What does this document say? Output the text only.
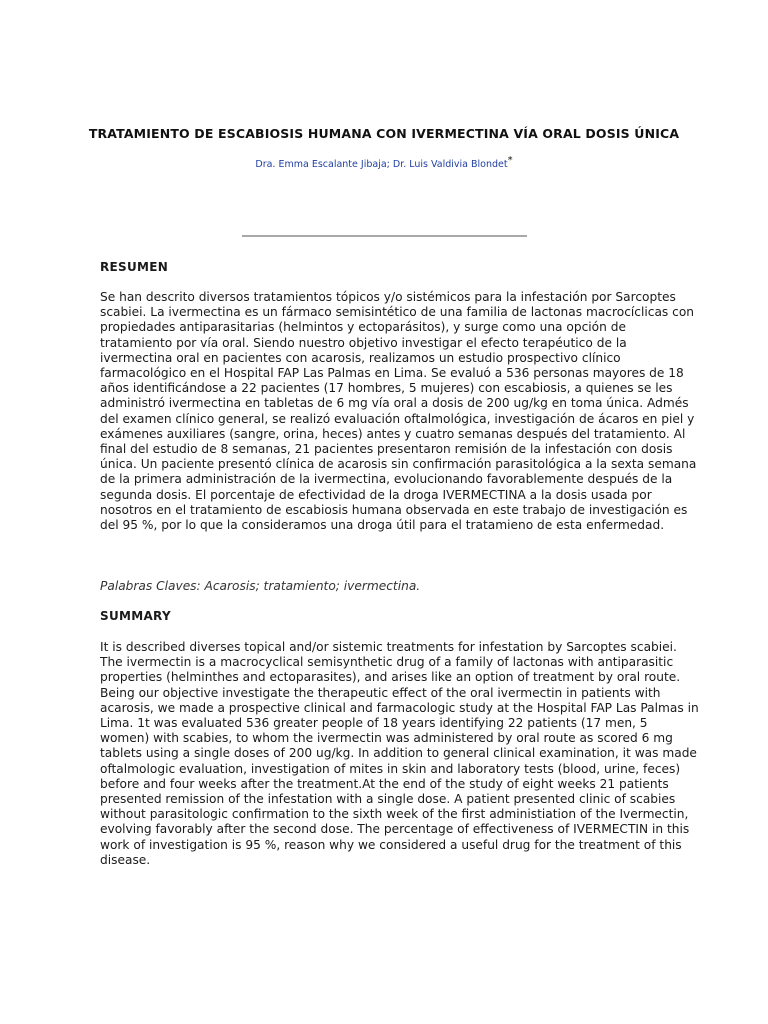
TRATAMIENTO DE ESCABIOSIS HUMANA CON IVERMECTINA VÍA ORAL DOSIS ÚNICA

Dra. Emma Escalante Jibaja; Dr. Luis Valdivia Blondet*

RESUMEN

Se han descrito diversos tratamientos tópicos y/o sistémicos para la infestación por Sarcoptes scabiei. La ivermectina es un fármaco semisintético de una familia de lactonas macrocíclicas con propiedades antiparasitarias (helmintos y ectoparásitos), y surge como una opción de tratamiento por vía oral. Siendo nuestro objetivo investigar el efecto terapéutico de la ivermectina oral en pacientes con acarosis, realizamos un estudio prospectivo clínico farmacológico en el Hospital FAP Las Palmas en Lima. Se evaluó a 536 personas mayores de 18 años identificándose a 22 pacientes (17 hombres, 5 mujeres) con escabiosis, a quienes se les administró ivermectina en tabletas de 6 mg vía oral a dosis de 200 ug/kg en toma única. Admés del examen clínico general, se realizó evaluación oftalmológica, investigación de ácaros en piel y exámenes auxiliares (sangre, orina, heces) antes y cuatro semanas después del tratamiento. Al final del estudio de 8 semanas, 21 pacientes presentaron remisión de la infestación con dosis única. Un paciente presentó clínica de acarosis sin confirmación parasitológica a la sexta semana de la primera administración de la ivermectina, evolucionando favorablemente después de la segunda dosis. El porcentaje de efectividad de la droga IVERMECTINA a la dosis usada por nosotros en el tratamiento de escabiosis humana observada en este trabajo de investigación es del 95 %, por lo que la consideramos una droga útil para el tratamieno de esta enfermedad.

Palabras Claves: Acarosis; tratamiento; ivermectina.

SUMMARY

It is described diverses topical and/or sistemic treatments for infestation by Sarcoptes scabiei. The ivermectin is a macrocyclical semisynthetic drug of a family of lactonas with antiparasitic properties (helminthes and ectoparasites), and arises like an option of treatment by oral route. Being our objective investigate the therapeutic effect of the oral ivermectin in patients with acarosis, we made a prospective clinical and farmacologic study at the Hospital FAP Las Palmas in Lima. 1t was evaluated 536 greater people of 18 years identifying 22 patients (17 men, 5 women) with scabies, to whom the ivermectin was administered by oral route as scored 6 mg tablets using a single doses of 200 ug/kg. In addition to general clinical examination, it was made oftalmologic evaluation, investigation of mites in skin and laboratory tests (blood, urine, feces) before and four weeks after the treatment.At the end of the study of eight weeks 21 patients presented remission of the infestation with a single dose. A patient presented clinic of scabies without parasitologic confirmation to the sixth week of the first administiation of the Ivermectin, evolving favorably after the second dose. The percentage of effectiveness of IVERMECTIN in this work of investigation is 95 %, reason why we considered a useful drug for the treatment of this disease.
